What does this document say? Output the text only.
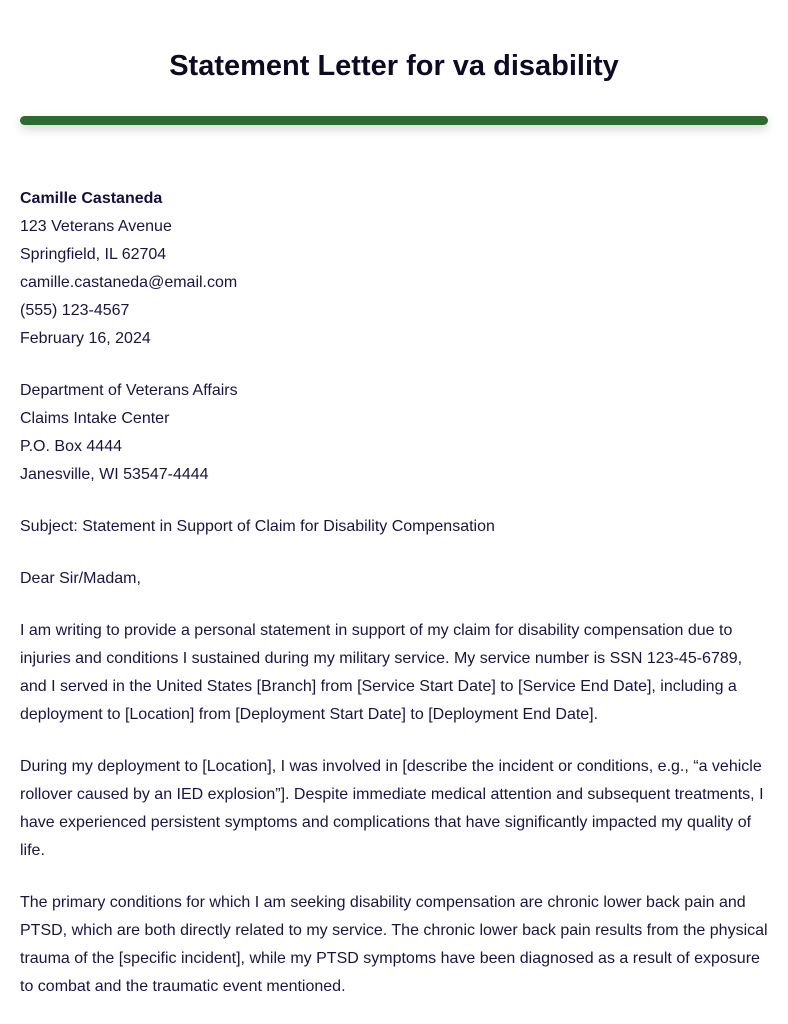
Statement Letter for va disability
Camille Castaneda
123 Veterans Avenue
Springfield, IL 62704
camille.castaneda@email.com
(555) 123-4567
February 16, 2024
Department of Veterans Affairs
Claims Intake Center
P.O. Box 4444
Janesville, WI 53547-4444

Subject: Statement in Support of Claim for Disability Compensation

Dear Sir/Madam,

I am writing to provide a personal statement in support of my claim for disability compensation due to injuries and conditions I sustained during my military service. My service number is SSN 123-45-6789, and I served in the United States [Branch] from [Service Start Date] to [Service End Date], including a deployment to [Location] from [Deployment Start Date] to [Deployment End Date].

During my deployment to [Location], I was involved in [describe the incident or conditions, e.g., “a vehicle rollover caused by an IED explosion”]. Despite immediate medical attention and subsequent treatments, I have experienced persistent symptoms and complications that have significantly impacted my quality of life.

The primary conditions for which I am seeking disability compensation are chronic lower back pain and PTSD, which are both directly related to my service. The chronic lower back pain results from the physical trauma of the [specific incident], while my PTSD symptoms have been diagnosed as a result of exposure to combat and the traumatic event mentioned.
